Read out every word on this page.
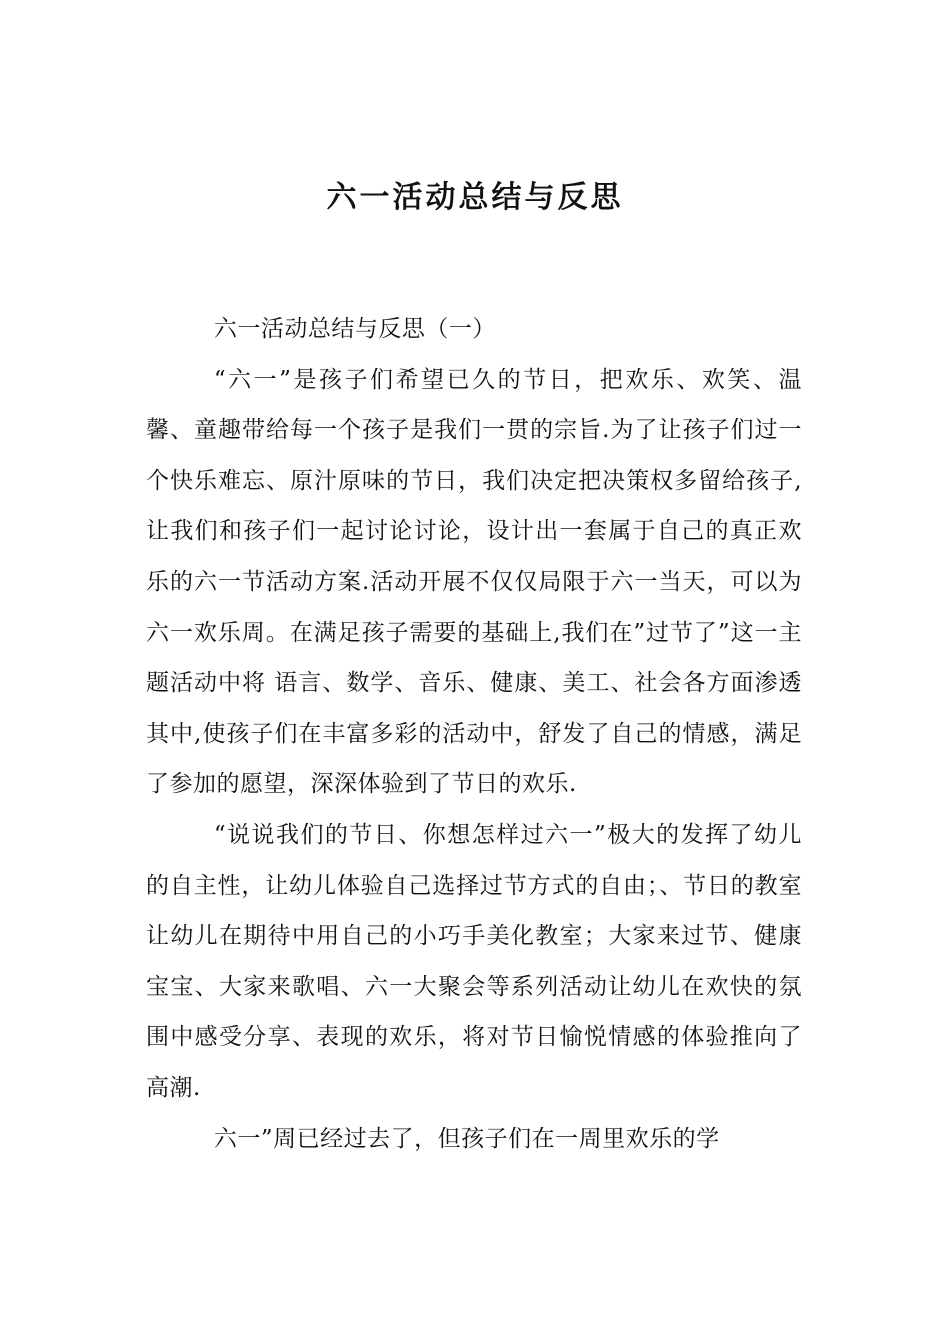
六一活动总结与反思

六一活动总结与反思（一）

“六一”是孩子们希望已久的节日，把欢乐、欢笑、温馨、童趣带给每一个孩子是我们一贯的宗旨.为了让孩子们过一个快乐难忘、原汁原味的节日，我们决定把决策权多留给孩子,让我们和孩子们一起讨论讨论，设计出一套属于自己的真正欢乐的六一节活动方案.活动开展不仅仅局限于六一当天，可以为六一欢乐周。在满足孩子需要的基础上,我们在”过节了”这一主题活动中将 语言、数学、音乐、健康、美工、社会各方面渗透其中,使孩子们在丰富多彩的活动中，舒发了自己的情感，满足了参加的愿望，深深体验到了节日的欢乐.

“说说我们的节日、你想怎样过六一”极大的发挥了幼儿的自主性，让幼儿体验自己选择过节方式的自由；、节日的教室让幼儿在期待中用自己的小巧手美化教室；大家来过节、健康宝宝、大家来歌唱、六一大聚会等系列活动让幼儿在欢快的氛围中感受分享、表现的欢乐，将对节日愉悦情感的体验推向了高潮.

六一”周已经过去了，但孩子们在一周里欢乐的学
